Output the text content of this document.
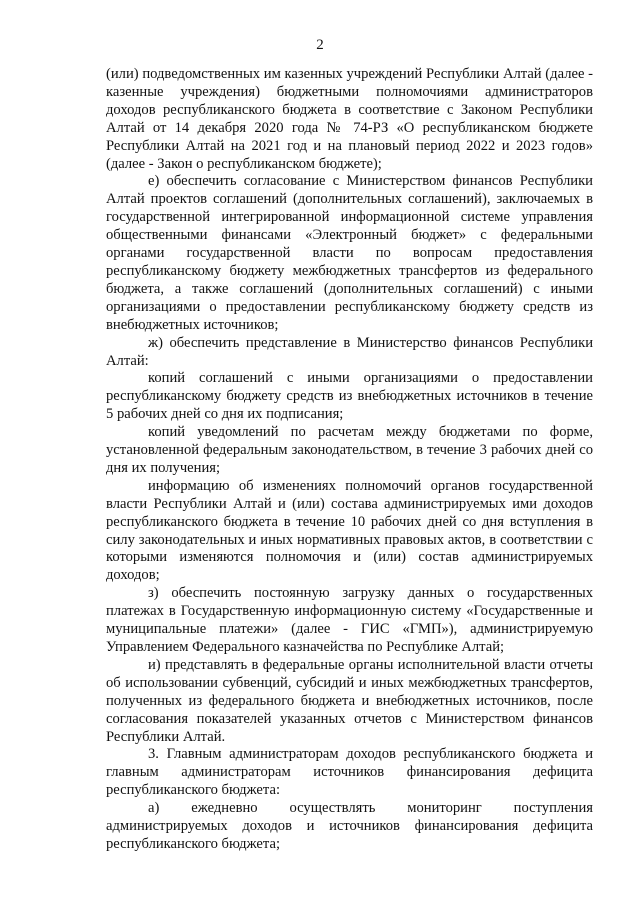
2

(или) подведомственных им казенных учреждений Республики Алтай (далее - казенные учреждения) бюджетными полномочиями администраторов доходов республиканского бюджета в соответствие с Законом Республики Алтай от 14 декабря 2020 года № 74-РЗ «О республиканском бюджете Республики Алтай на 2021 год и на плановый период 2022 и 2023 годов» (далее - Закон о республиканском бюджете);

е) обеспечить согласование с Министерством финансов Республики Алтай проектов соглашений (дополнительных соглашений), заключаемых в государственной интегрированной информационной системе управления общественными финансами «Электронный бюджет» с федеральными органами государственной власти по вопросам предоставления республиканскому бюджету межбюджетных трансфертов из федерального бюджета, а также соглашений (дополнительных соглашений) с иными организациями о предоставлении республиканскому бюджету средств из внебюджетных источников;

ж) обеспечить представление в Министерство финансов Республики Алтай:

копий соглашений с иными организациями о предоставлении республиканскому бюджету средств из внебюджетных источников в течение 5 рабочих дней со дня их подписания;

копий уведомлений по расчетам между бюджетами по форме, установленной федеральным законодательством, в течение 3 рабочих дней со дня их получения;

информацию об изменениях полномочий органов государственной власти Республики Алтай и (или) состава администрируемых ими доходов республиканского бюджета в течение 10 рабочих дней со дня вступления в силу законодательных и иных нормативных правовых актов, в соответствии с которыми изменяются полномочия и (или) состав администрируемых доходов;

з) обеспечить постоянную загрузку данных о государственных платежах в Государственную информационную систему «Государственные и муниципальные платежи» (далее - ГИС «ГМП»), администрируемую Управлением Федерального казначейства по Республике Алтай;

и) представлять в федеральные органы исполнительной власти отчеты об использовании субвенций, субсидий и иных межбюджетных трансфертов, полученных из федерального бюджета и внебюджетных источников, после согласования показателей указанных отчетов с Министерством финансов Республики Алтай.

3. Главным администраторам доходов республиканского бюджета и главным администраторам источников финансирования дефицита республиканского бюджета:

а) ежедневно осуществлять мониторинг поступления администрируемых доходов и источников финансирования дефицита республиканского бюджета;
